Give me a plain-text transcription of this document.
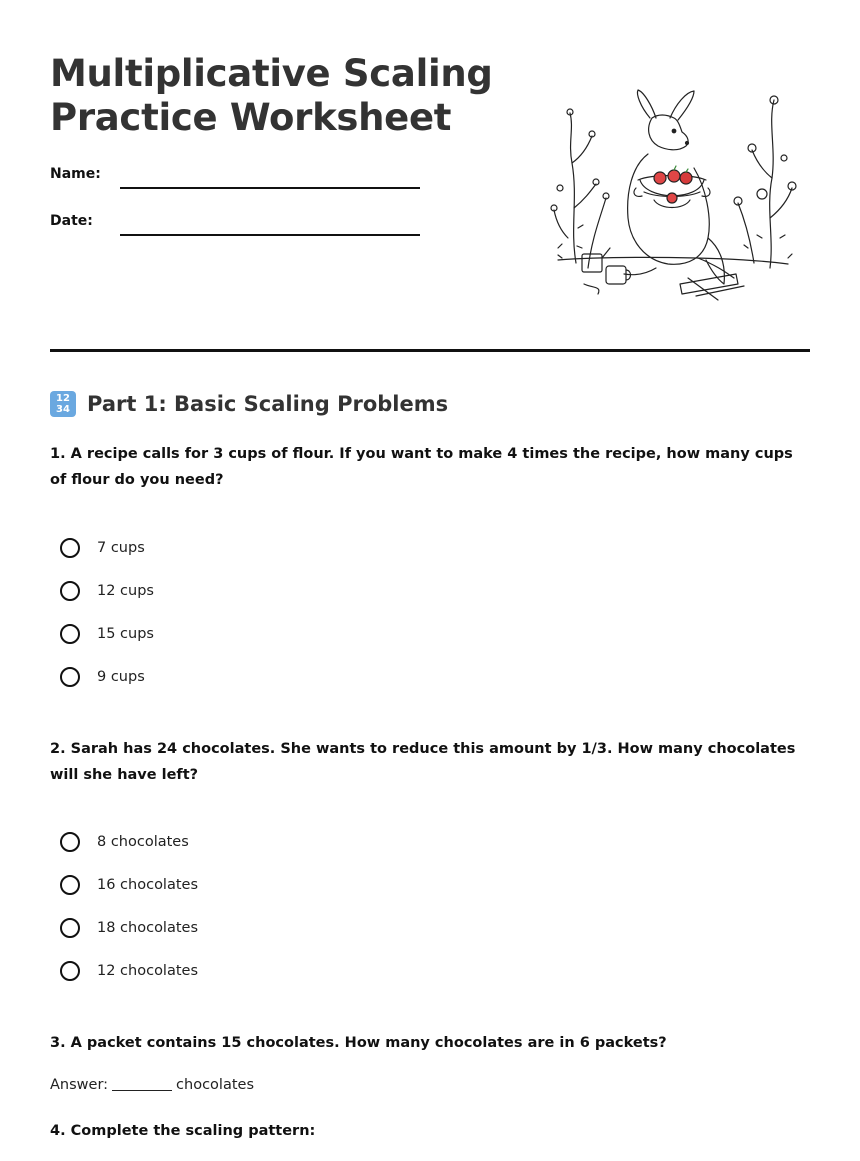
Multiplicative Scaling
Practice Worksheet
Name:
Date:
12
34 Part 1: Basic Scaling Problems
1. A recipe calls for 3 cups of flour. If you want to make 4 times the recipe, how many cups of flour do you need?
7 cups
12 cups
15 cups
9 cups
2. Sarah has 24 chocolates. She wants to reduce this amount by 1/3. How many chocolates will she have left?
8 chocolates
16 chocolates
18 chocolates
12 chocolates
3. A packet contains 15 chocolates. How many chocolates are in 6 packets?
Answer:	chocolates
4. Complete the scaling pattern:
